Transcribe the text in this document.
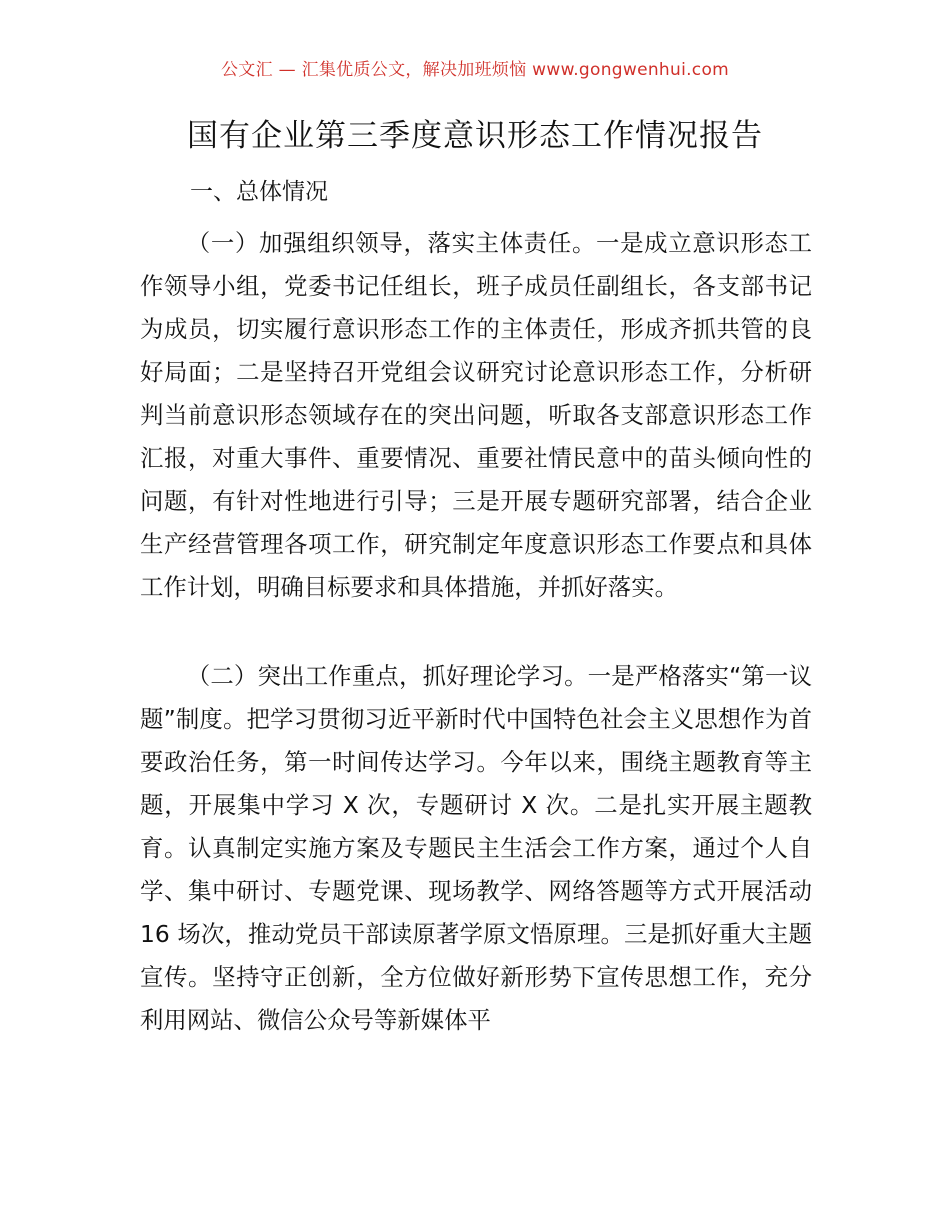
公文汇 — 汇集优质公文，解决加班烦恼 www.gongwenhui.com
国有企业第三季度意识形态工作情况报告
一、总体情况

（一）加强组织领导，落实主体责任。一是成立意识形态工作领导小组，党委书记任组长，班子成员任副组长，各支部书记为成员，切实履行意识形态工作的主体责任，形成齐抓共管的良好局面；二是坚持召开党组会议研究讨论意识形态工作，分析研判当前意识形态领域存在的突出问题，听取各支部意识形态工作汇报，对重大事件、重要情况、重要社情民意中的苗头倾向性的问题，有针对性地进行引导；三是开展专题研究部署，结合企业生产经营管理各项工作，研究制定年度意识形态工作要点和具体工作计划，明确目标要求和具体措施，并抓好落实。

（二）突出工作重点，抓好理论学习。一是严格落实“第一议题”制度。把学习贯彻习近平新时代中国特色社会主义思想作为首要政治任务，第一时间传达学习。今年以来，围绕主题教育等主题，开展集中学习 X 次，专题研讨 X 次。二是扎实开展主题教育。认真制定实施方案及专题民主生活会工作方案，通过个人自学、集中研讨、专题党课、现场教学、网络答题等方式开展活动 16 场次，推动党员干部读原著学原文悟原理。三是抓好重大主题宣传。坚持守正创新，全方位做好新形势下宣传思想工作，充分利用网站、微信公众号等新媒体平
